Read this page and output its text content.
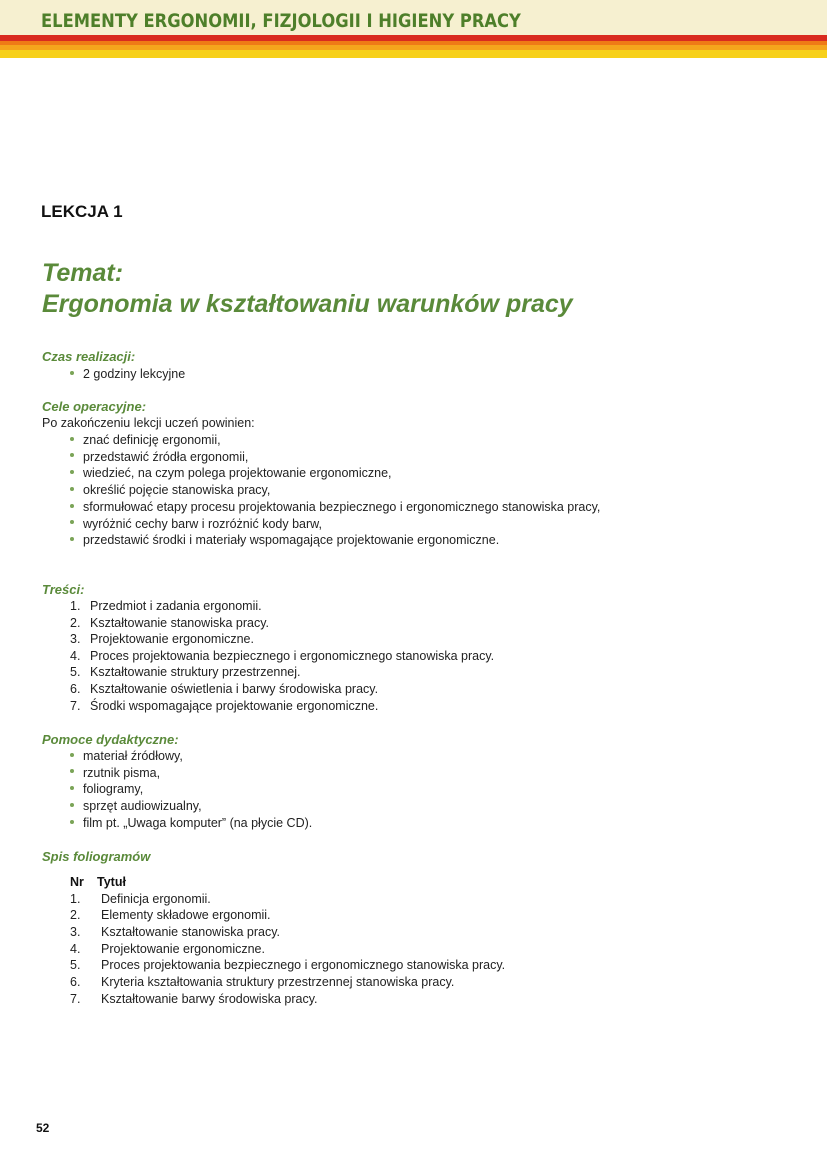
ELEMENTY ERGONOMII, FIZJOLOGII I HIGIENY PRACY
LEKCJA 1
Temat:
Ergonomia w kształtowaniu warunków pracy
Czas realizacji:
2 godziny lekcyjne
Cele operacyjne:
Po zakończeniu lekcji uczeń powinien:
znać definicję ergonomii,
przedstawić źródła ergonomii,
wiedzieć, na czym polega projektowanie ergonomiczne,
określić pojęcie stanowiska pracy,
sformułować etapy procesu projektowania bezpiecznego i ergonomicznego stanowiska pracy,
wyróżnić cechy barw i rozróżnić kody barw,
przedstawić środki i materiały wspomagające projektowanie ergonomiczne.
Treści:
1. Przedmiot i zadania ergonomii.
2. Kształtowanie stanowiska pracy.
3. Projektowanie ergonomiczne.
4. Proces projektowania bezpiecznego i ergonomicznego stanowiska pracy.
5. Kształtowanie struktury przestrzennej.
6. Kształtowanie oświetlenia i barwy środowiska pracy.
7. Środki wspomagające projektowanie ergonomiczne.
Pomoce dydaktyczne:
materiał źródłowy,
rzutnik pisma,
foliogramy,
sprzęt audiowizualny,
film pt. „Uwaga komputer” (na płycie CD).
Spis foliogramów
Nr Tytuł
1. Definicja ergonomii.
2. Elementy składowe ergonomii.
3. Kształtowanie stanowiska pracy.
4. Projektowanie ergonomiczne.
5. Proces projektowania bezpiecznego i ergonomicznego stanowiska pracy.
6. Kryteria kształtowania struktury przestrzennej stanowiska pracy.
7. Kształtowanie barwy środowiska pracy.
52
